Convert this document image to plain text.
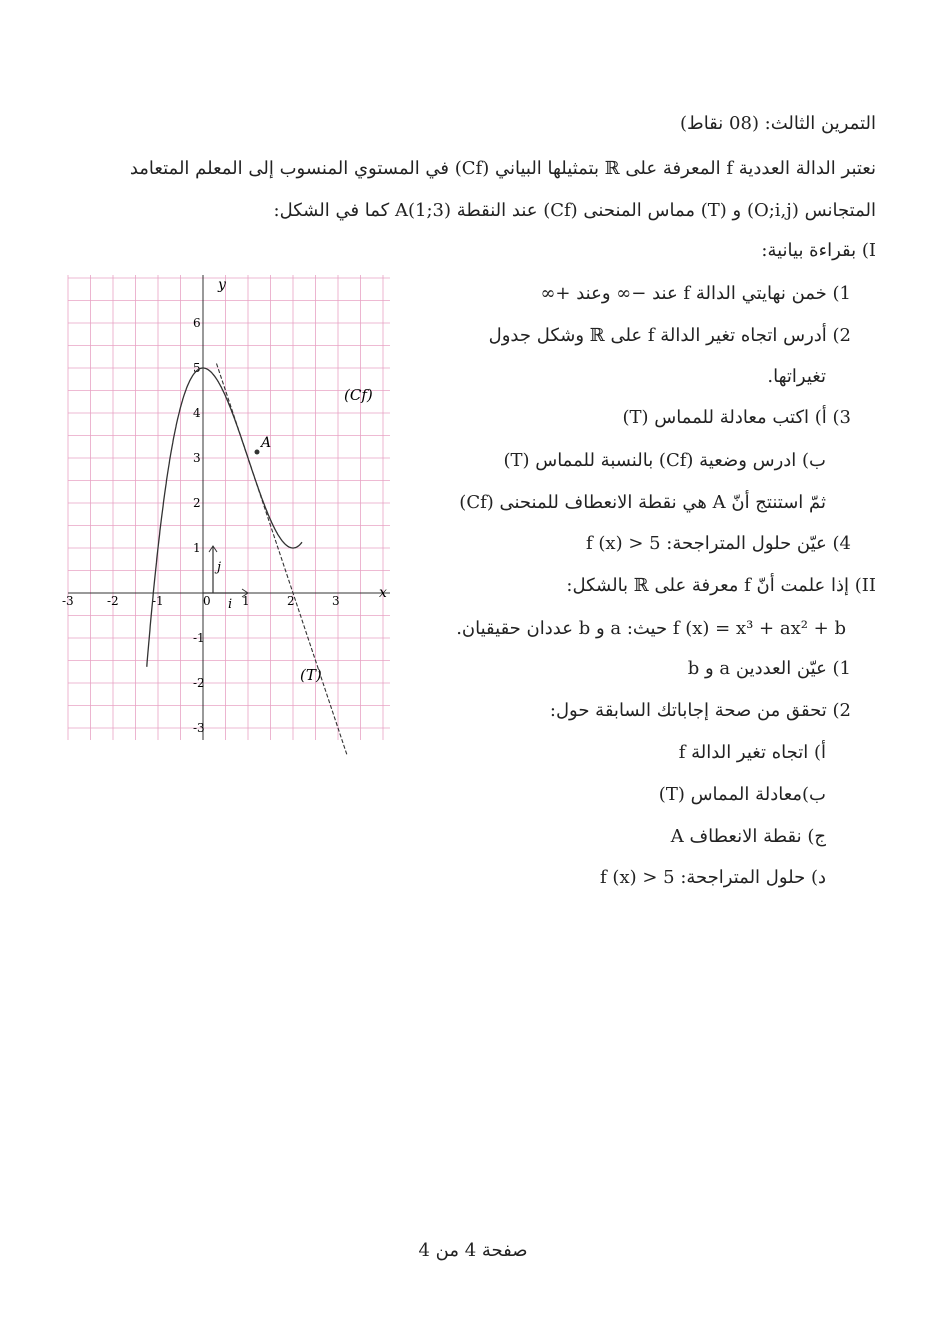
التمرين الثالث: (08 نقاط)
نعتبر الدالة العددية f المعرفة على ℝ بتمثيلها البياني (Cf) في المستوي المنسوب إلى المعلم المتعامد
المتجانس (O;i,j) و (T) مماس المنحنى (Cf) عند النقطة A(1;3) كما في الشكل:
I) بقراءة بيانية:
1) خمن نهايتي الدالة f عند −∞ وعند +∞
2) أدرس اتجاه تغير الدالة f على ℝ وشكل جدول
تغيراتها.
3) أ) اكتب معادلة للمماس (T)
ب) ادرس وضعية (Cf) بالنسبة للمماس (T)
ثمّ استنتج أنّ A هي نقطة الانعطاف للمنحنى (Cf)
4) عيّن حلول المتراجحة: f (x) > 5
II) إذا علمت أنّ f معرفة على ℝ بالشكل:
f (x) = x³ + ax² + b حيث: a و b عددان حقيقيان.
1) عيّن العددين a و b
2) تحقق من صحة إجاباتك السابقة حول:
أ) اتجاه تغير الدالة f
ب)معادلة المماس (T)
ج) نقطة الانعطاف A
د) حلول المتراجحة: f (x) > 5
-3	-2	-1	1	2	3
6
5
4
3
2
1
-1
-2
-3
i
j
0	x
y
A
(Cf)
(T)
صفحة 4 من 4
